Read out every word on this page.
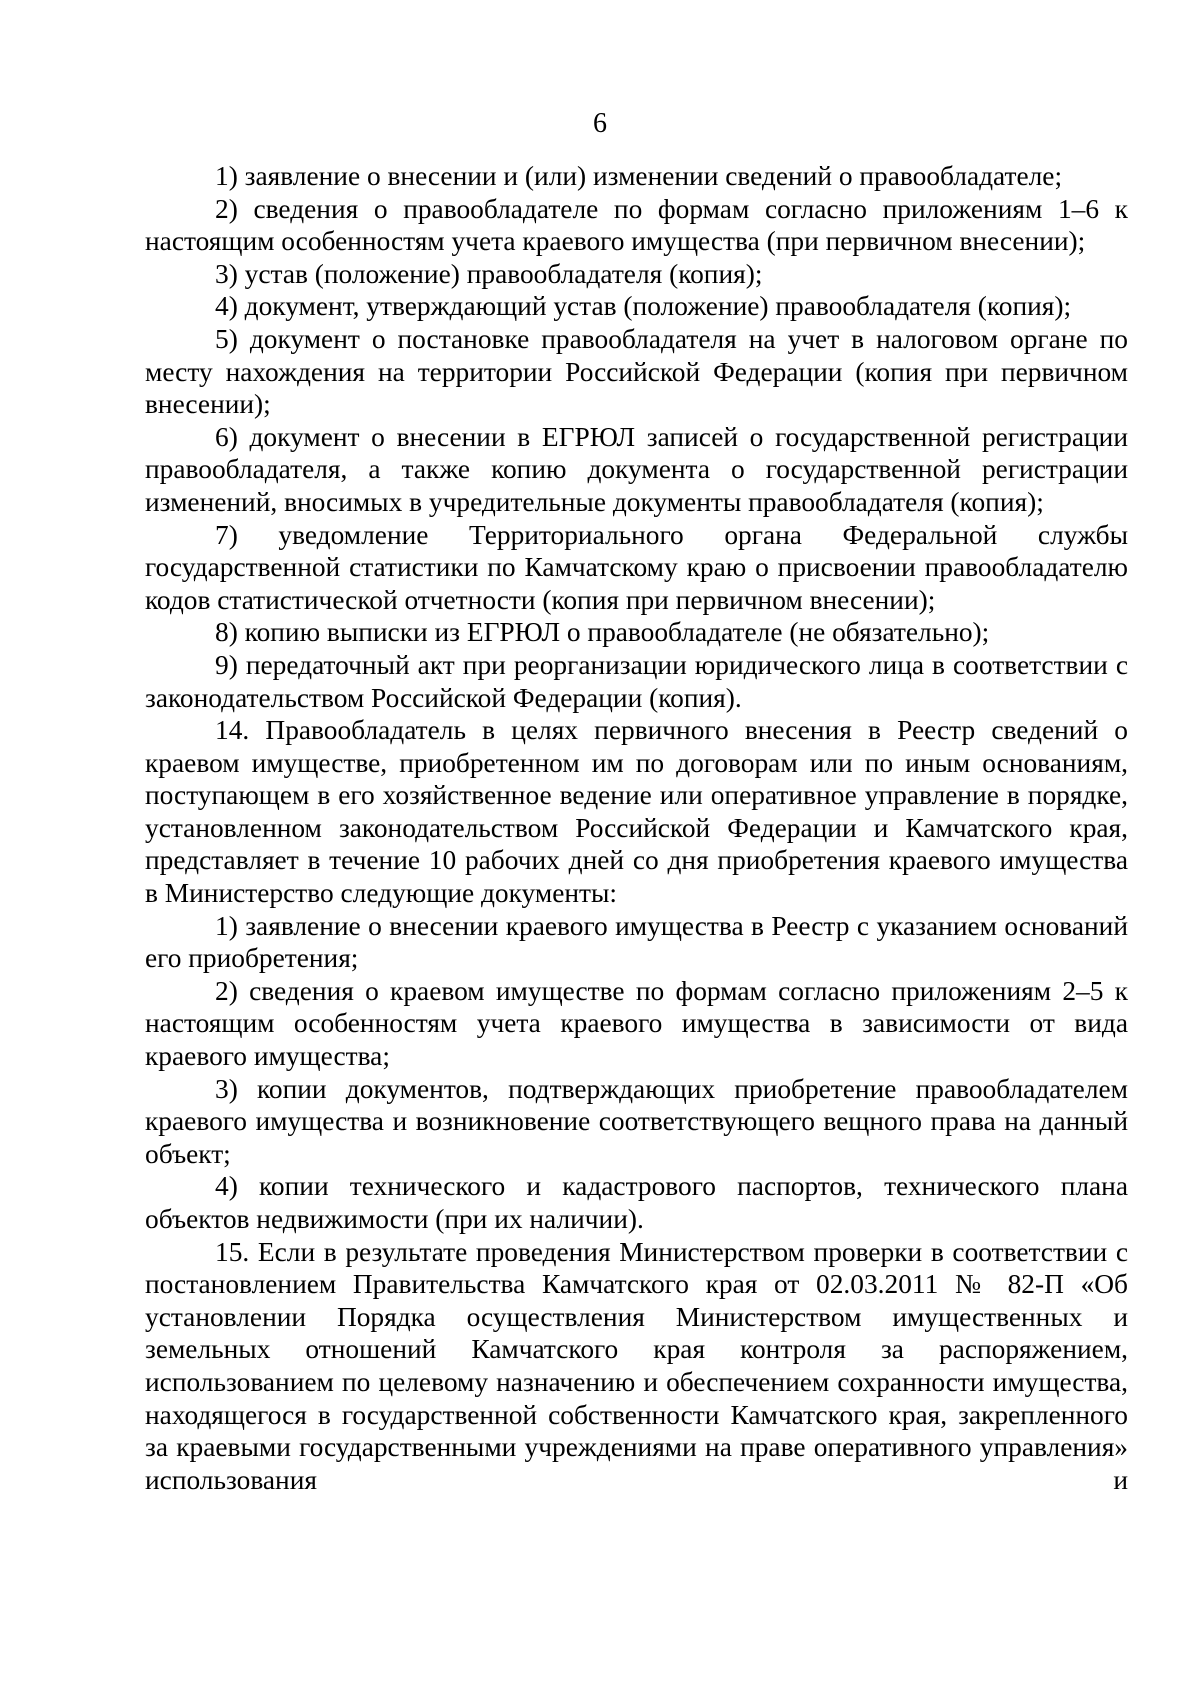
6

1) заявление о внесении и (или) изменении сведений о правообладателе;

2) сведения о правообладателе по формам согласно приложениям 1–6 к настоящим особенностям учета краевого имущества (при первичном внесении);

3) устав (положение) правообладателя (копия);

4) документ, утверждающий устав (положение) правообладателя (копия);

5) документ о постановке правообладателя на учет в налоговом органе по месту нахождения на территории Российской Федерации (копия при первичном внесении);

6) документ о внесении в ЕГРЮЛ записей о государственной регистрации правообладателя, а также копию документа о государственной регистрации изменений, вносимых в учредительные документы правообладателя (копия);

7) уведомление Территориального органа Федеральной службы государственной статистики по Камчатскому краю о присвоении правообладателю кодов статистической отчетности (копия при первичном внесении);

8) копию выписки из ЕГРЮЛ о правообладателе (не обязательно);

9) передаточный акт при реорганизации юридического лица в соответствии с законодательством Российской Федерации (копия).

14. Правообладатель в целях первичного внесения в Реестр сведений о краевом имуществе, приобретенном им по договорам или по иным основаниям, поступающем в его хозяйственное ведение или оперативное управление в порядке, установленном законодательством Российской Федерации и Камчатского края, представляет в течение 10 рабочих дней со дня приобретения краевого имущества в Министерство следующие документы:

1) заявление о внесении краевого имущества в Реестр с указанием оснований его приобретения;

2) сведения о краевом имуществе по формам согласно приложениям 2–5 к настоящим особенностям учета краевого имущества в зависимости от вида краевого имущества;

3) копии документов, подтверждающих приобретение правообладателем краевого имущества и возникновение соответствующего вещного права на данный объект;

4) копии технического и кадастрового паспортов, технического плана объектов недвижимости (при их наличии).

15. Если в результате проведения Министерством проверки в соответствии с постановлением Правительства Камчатского края от 02.03.2011 № 82-П «Об установлении Порядка осуществления Министерством имущественных и земельных отношений Камчатского края контроля за распоряжением, использованием по целевому назначению и обеспечением сохранности имущества, находящегося в государственной собственности Камчатского края, закрепленного за краевыми государственными учреждениями на праве оперативного управления» использования и
